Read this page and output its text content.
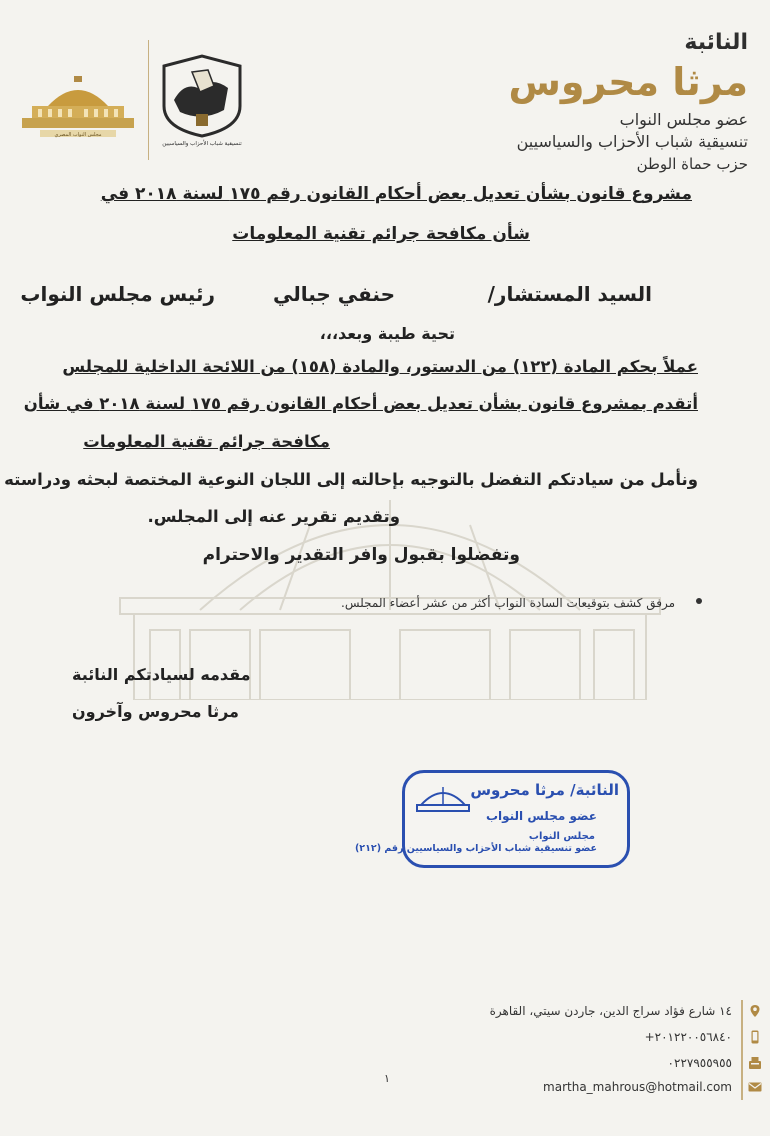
مجلس النواب المصري
تنسيقية شباب الأحزاب والسياسيين
النائبة
مرثا محروس
عضو مجلس النواب
تنسيقية شباب الأحزاب والسياسيين
حزب حماة الوطن
مشروع قانون بشأن تعديل بعض أحكام القانون رقم ١٧٥ لسنة ٢٠١٨ في
شأن مكافحة جرائم تقنية المعلومات
السيد المستشار/
حنفي جبالي
رئيس مجلس النواب
تحية طيبة وبعد،،،
عملاً بحكم المادة (١٢٢) من الدستور، والمادة (١٥٨) من اللائحة الداخلية للمجلس
أتقدم بمشروع قانون بشأن تعديل بعض أحكام القانون رقم ١٧٥ لسنة ٢٠١٨ في شأن
مكافحة جرائم تقنية المعلومات
ونأمل من سيادتكم التفضل بالتوجيه بإحالته إلى اللجان النوعية المختصة لبحثه ودراسته
وتقديم تقرير عنه إلى المجلس.
وتفضلوا بقبول وافر التقدير والاحترام
مرفق كشف بتوقيعات السادة النواب أكثر من عشر أعضاء المجلس.
مقدمه لسيادتكم النائبة
مرثا محروس وآخرون
النائبة/ مرثا محروس
عضو مجلس النواب
مجلس النواب
عضو تنسيقية شباب الأحزاب والسياسيين رقم (٢١٢)
١٤ شارع فؤاد سراج الدين، جاردن سيتي، القاهرة
+٢٠١٢٢٠٠٥٦٨٤٠
٠٢٢٧٩٥٥٩٥٥
martha_mahrous@hotmail.com
١
